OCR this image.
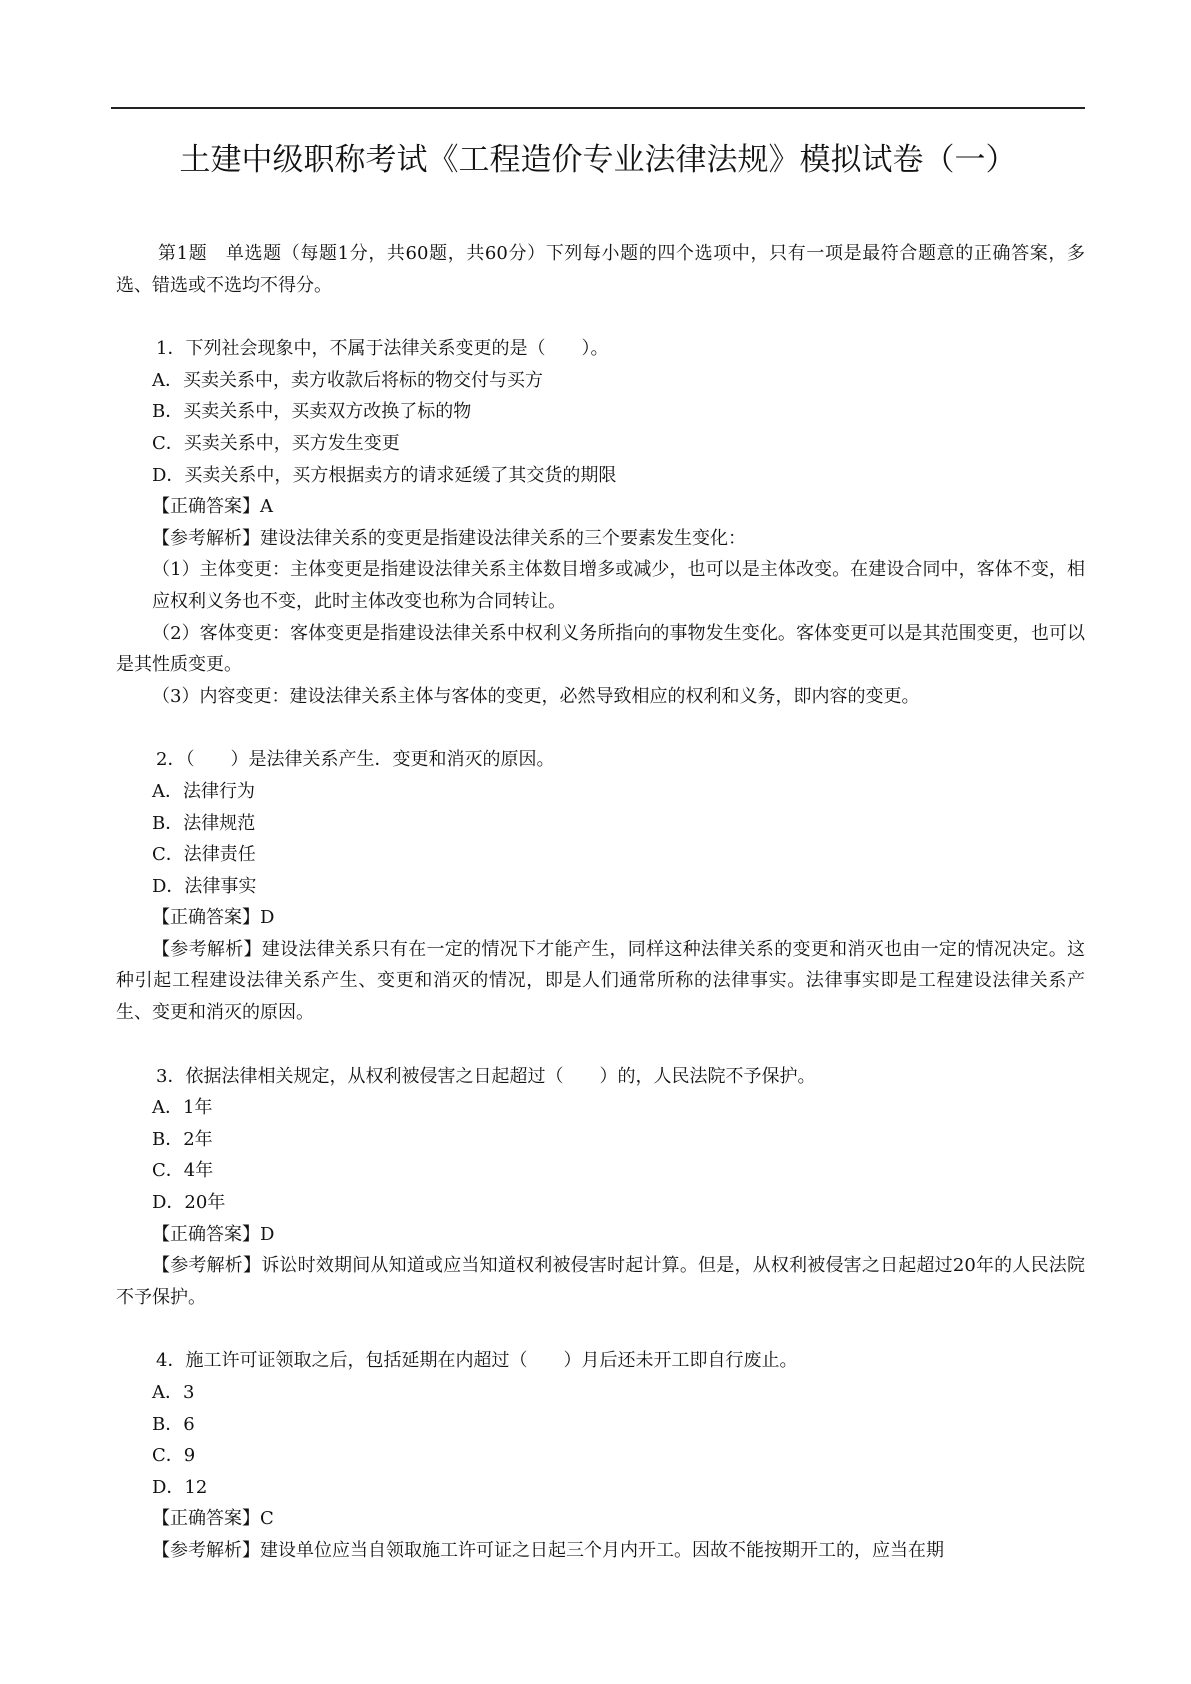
土建中级职称考试《工程造价专业法律法规》模拟试卷（一）

第1题　单选题（每题1分，共60题，共60分）下列每小题的四个选项中，只有一项是最符合题意的正确答案，多选、错选或不选均不得分。

1．下列社会现象中，不属于法律关系变更的是（　　）。

A．买卖关系中，卖方收款后将标的物交付与买方

B．买卖关系中，买卖双方改换了标的物

C．买卖关系中，买方发生变更

D．买卖关系中，买方根据卖方的请求延缓了其交货的期限

【正确答案】A

【参考解析】建设法律关系的变更是指建设法律关系的三个要素发生变化：

（1）主体变更：主体变更是指建设法律关系主体数目增多或减少，也可以是主体改变。在建设合同中，客体不变，相应权利义务也不变，此时主体改变也称为合同转让。

（2）客体变更：客体变更是指建设法律关系中权利义务所指向的事物发生变化。客体变更可以是其范围变更，也可以是其性质变更。

（3）内容变更：建设法律关系主体与客体的变更，必然导致相应的权利和义务，即内容的变更。

2．（　　）是法律关系产生．变更和消灭的原因。

A．法律行为

B．法律规范

C．法律责任

D．法律事实

【正确答案】D

【参考解析】建设法律关系只有在一定的情况下才能产生，同样这种法律关系的变更和消灭也由一定的情况决定。这种引起工程建设法律关系产生、变更和消灭的情况，即是人们通常所称的法律事实。法律事实即是工程建设法律关系产生、变更和消灭的原因。

3．依据法律相关规定，从权利被侵害之日起超过（　　）的，人民法院不予保护。

A．1年

B．2年

C．4年

D．20年

【正确答案】D

【参考解析】诉讼时效期间从知道或应当知道权利被侵害时起计算。但是，从权利被侵害之日起超过20年的人民法院不予保护。

4．施工许可证领取之后，包括延期在内超过（　　）月后还未开工即自行废止。

A．3

B．6

C．9

D．12

【正确答案】C

【参考解析】建设单位应当自领取施工许可证之日起三个月内开工。因故不能按期开工的，应当在期
